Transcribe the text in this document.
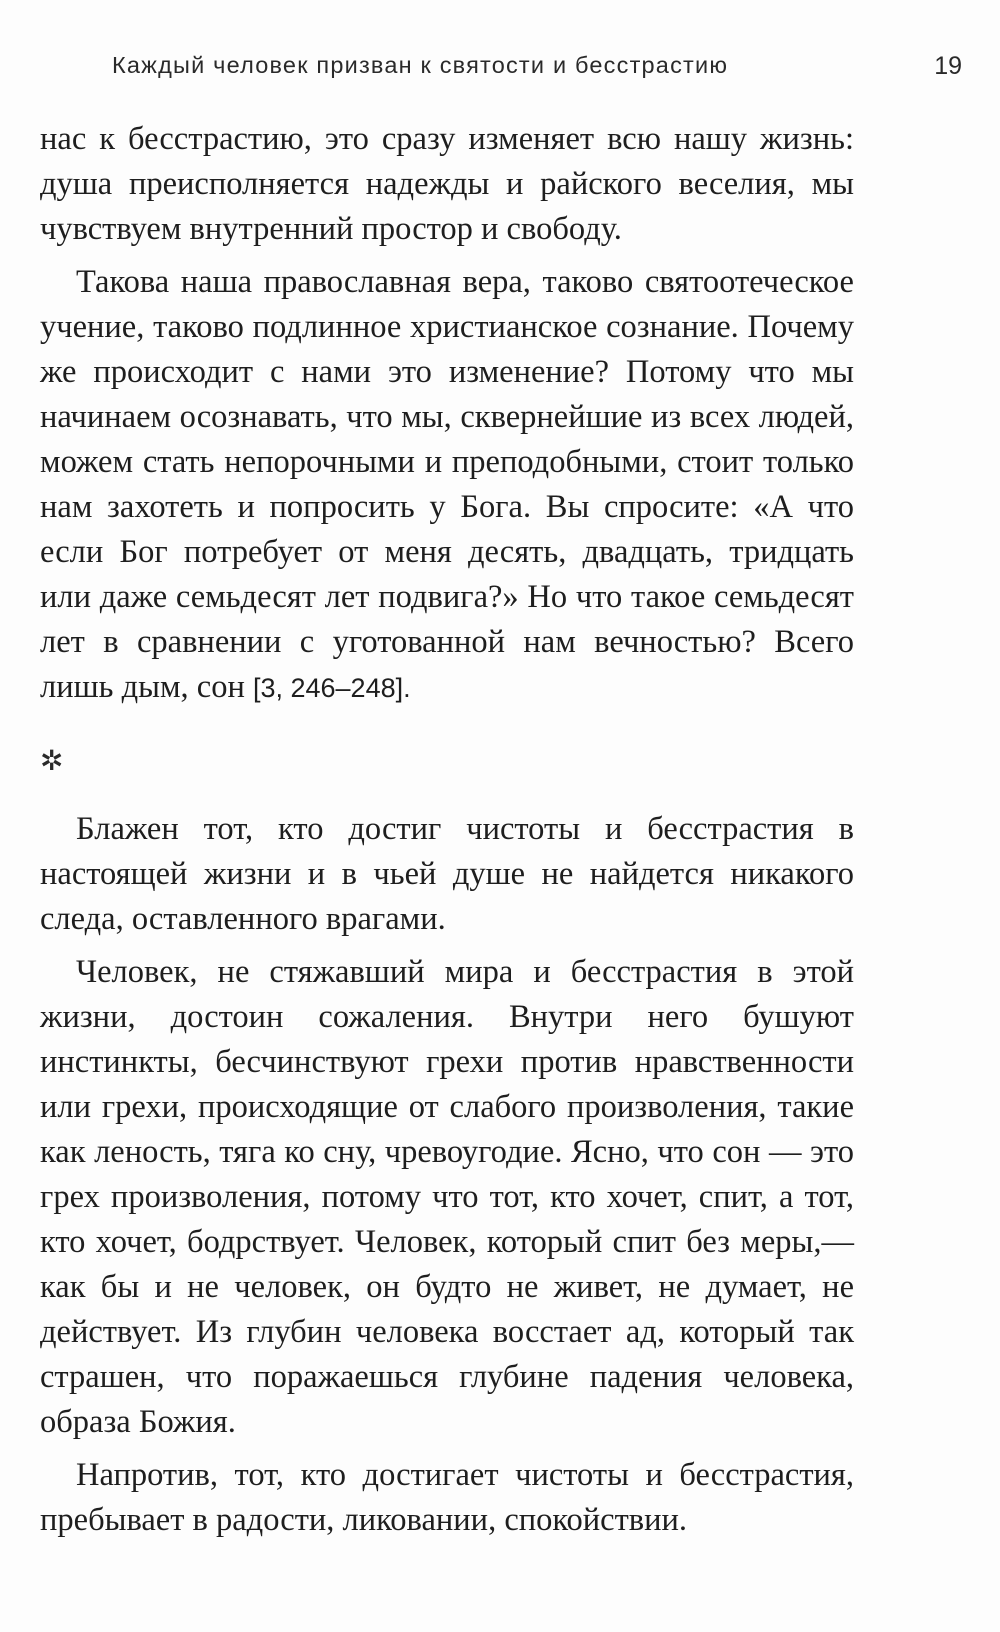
Каждый человек призван к святости и бесстрастию	19

нас к бесстрастию, это сразу изменяет всю нашу жизнь: душа преисполняется надежды и райского веселия, мы чувствуем внутренний простор и свободу.

Такова наша православная вера, таково святоотеческое учение, таково подлинное христианское сознание. Почему же происходит с нами это изменение? Потому что мы начинаем осознавать, что мы, сквернейшие из всех людей, можем стать непорочными и преподобными, стоит только нам захотеть и попросить у Бога. Вы спросите: «А что если Бог потребует от меня десять, двадцать, тридцать или даже семьдесят лет подвига?» Но что такое семьдесят лет в сравнении с уготованной нам вечностью? Всего лишь дым, сон [3, 246–248].

✲

Блажен тот, кто достиг чистоты и бесстрастия в настоящей жизни и в чьей душе не найдется никакого следа, оставленного врагами.

Человек, не стяжавший мира и бесстрастия в этой жизни, достоин сожаления. Внутри него бушуют инстинкты, бесчинствуют грехи против нравственности или грехи, происходящие от слабого произволения, такие как леность, тяга ко сну, чревоугодие. Ясно, что сон — это грех произволения, потому что тот, кто хочет, спит, а тот, кто хочет, бодрствует. Человек, который спит без меры,— как бы и не человек, он будто не живет, не думает, не действует. Из глубин человека восстает ад, который так страшен, что поражаешься глубине падения человека, образа Божия.

Напротив, тот, кто достигает чистоты и бесстрастия, пребывает в радости, ликовании, спокойствии.
